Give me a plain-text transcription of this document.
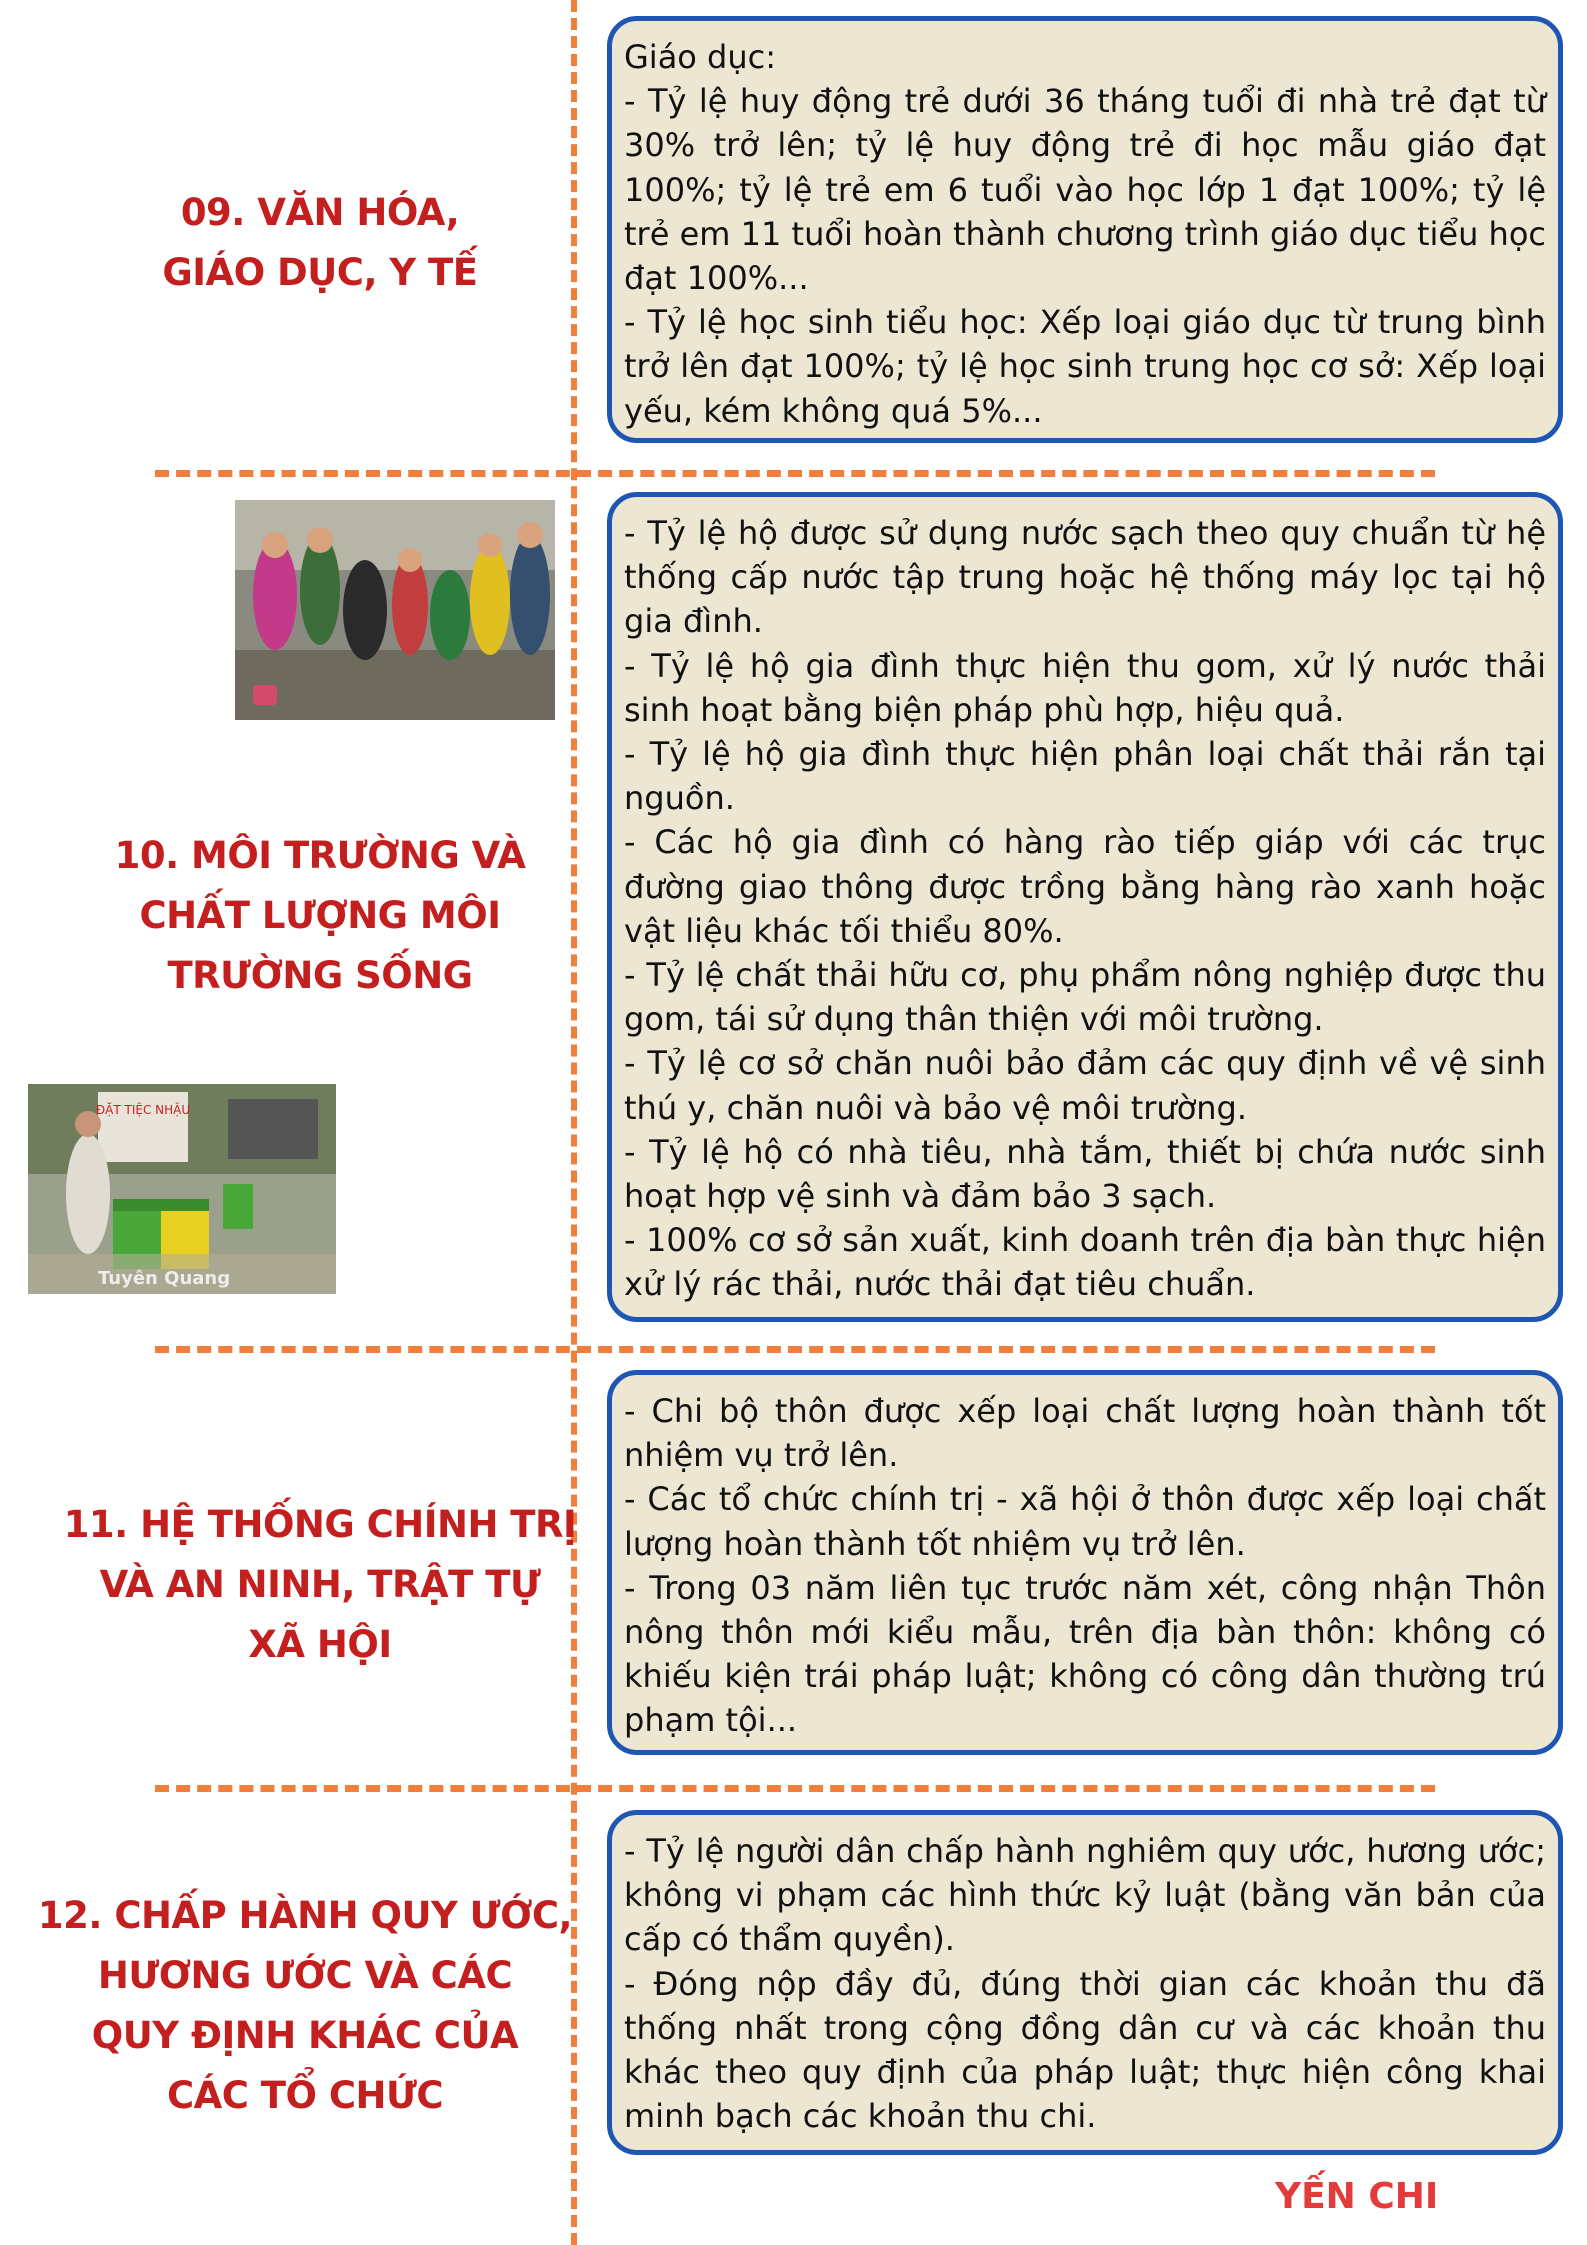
09. VĂN HÓA,
GIÁO DỤC, Y TẾ

Giáo dục:

- Tỷ lệ huy động trẻ dưới 36 tháng tuổi đi nhà trẻ đạt từ 30% trở lên; tỷ lệ huy động trẻ đi học mẫu giáo đạt 100%; tỷ lệ trẻ em 6 tuổi vào học lớp 1 đạt 100%; tỷ lệ trẻ em 11 tuổi hoàn thành chương trình giáo dục tiểu học đạt 100%...

- Tỷ lệ học sinh tiểu học: Xếp loại giáo dục từ trung bình trở lên đạt 100%; tỷ lệ học sinh trung học cơ sở: Xếp loại yếu, kém không quá 5%...

10. MÔI TRƯỜNG VÀ
CHẤT LƯỢNG MÔI
TRƯỜNG SỐNG
ĐẶT TIỆC NHẬU
Tuyên Quang

- Tỷ lệ hộ được sử dụng nước sạch theo quy chuẩn từ hệ thống cấp nước tập trung hoặc hệ thống máy lọc tại hộ gia đình.

- Tỷ lệ hộ gia đình thực hiện thu gom, xử lý nước thải sinh hoạt bằng biện pháp phù hợp, hiệu quả.

- Tỷ lệ hộ gia đình thực hiện phân loại chất thải rắn tại nguồn.

- Các hộ gia đình có hàng rào tiếp giáp với các trục đường giao thông được trồng bằng hàng rào xanh hoặc vật liệu khác tối thiểu 80%.

- Tỷ lệ chất thải hữu cơ, phụ phẩm nông nghiệp được thu gom, tái sử dụng thân thiện với môi trường.

- Tỷ lệ cơ sở chăn nuôi bảo đảm các quy định về vệ sinh thú y, chăn nuôi và bảo vệ môi trường.

- Tỷ lệ hộ có nhà tiêu, nhà tắm, thiết bị chứa nước sinh hoạt hợp vệ sinh và đảm bảo 3 sạch.

- 100% cơ sở sản xuất, kinh doanh trên địa bàn thực hiện xử lý rác thải, nước thải đạt tiêu chuẩn.

11. HỆ THỐNG CHÍNH TRỊ
VÀ AN NINH, TRẬT TỰ
XÃ HỘI

- Chi bộ thôn được xếp loại chất lượng hoàn thành tốt nhiệm vụ trở lên.

- Các tổ chức chính trị - xã hội ở thôn được xếp loại chất lượng hoàn thành tốt nhiệm vụ trở lên.

- Trong 03 năm liên tục trước năm xét, công nhận Thôn nông thôn mới kiểu mẫu, trên địa bàn thôn: không có khiếu kiện trái pháp luật; không có công dân thường trú phạm tội...

12. CHẤP HÀNH QUY ƯỚC,
HƯƠNG ƯỚC VÀ CÁC
QUY ĐỊNH KHÁC CỦA
CÁC TỔ CHỨC

- Tỷ lệ người dân chấp hành nghiêm quy ước, hương ước; không vi phạm các hình thức kỷ luật (bằng văn bản của cấp có thẩm quyền).

- Đóng nộp đầy đủ, đúng thời gian các khoản thu đã thống nhất trong cộng đồng dân cư và các khoản thu khác theo quy định của pháp luật; thực hiện công khai minh bạch các khoản thu chi.

YẾN CHI
